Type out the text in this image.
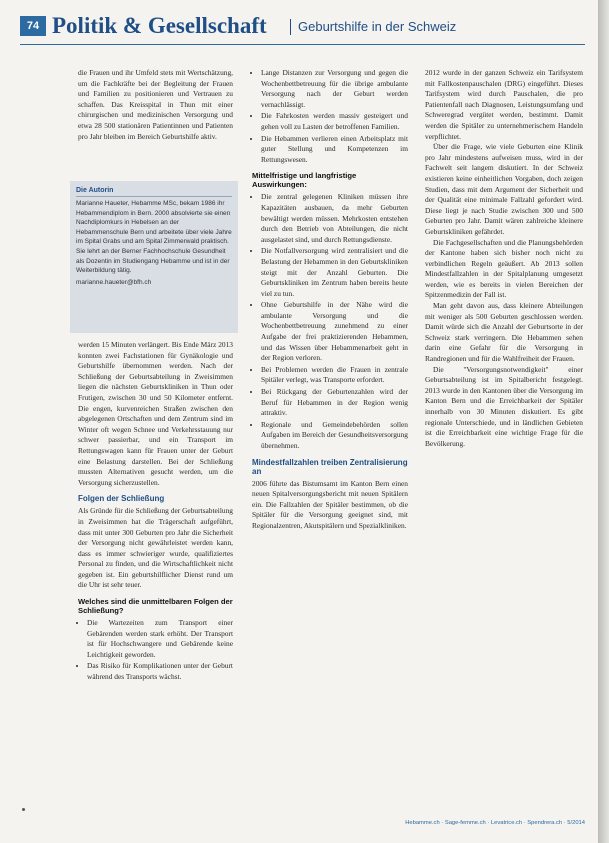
74 Politik & Gesellschaft	Geburtshilfe in der Schweiz

die Frauen und ihr Umfeld stets mit Wertschätzung, um die Fachkräfte bei der Begleitung der Frauen und Familien zu positionieren und Vertrauen zu schaffen. Das Kreisspital in Thun mit einer chirurgischen und medizinischen Versorgung und etwa 28 500 stationären Patientinnen und Patienten pro Jahr bleiben im Bereich Geburtshilfe aktiv.

Die Autorin
Marianne Haueter, Hebamme MSc, bekam 1986 ihr Hebammendiplom in Bern. 2000 absolvierte sie einen Nachdiplomkurs in Hebelsen an der Hebammenschule Bern und arbeitete über viele Jahre im Spital Grabs und am Spital Zimmerwald praktisch. Sie lehrt an der Berner Fachhochschule Gesundheit als Dozentin im Studiengang Hebamme und ist in der Weiterbildung tätig.
marianne.haueter@bfh.ch

werden 15 Minuten verlängert. Bis Ende März 2013 konnten zwei Fachstationen für Gynäkologie und Geburtshilfe übernommen werden. Nach der Schließung der Geburtsabteilung in Zweisimmen liegen die nächsten Geburtskliniken in Thun oder Frutigen, zwischen 30 und 50 Kilometer entfernt. Die engen, kurvenreichen Straßen zwischen den abgelegenen Ortschaften und dem Zentrum sind im Winter oft wegen Schnee und Verkehrsstauung nur schwer passierbar, und ein Transport im Rettungswagen kann für Frauen unter der Geburt eine Belastung darstellen. Bei der Schließung mussten Alternativen gesucht werden, um die Versorgung sicherzustellen.

Folgen der Schließung

Als Gründe für die Schließung der Geburtsabteilung in Zweisimmen hat die Trägerschaft aufgeführt, dass mit unter 300 Geburten pro Jahr die Sicherheit der Versorgung nicht gewährleistet werden kann, dass es immer schwieriger wurde, qualifiziertes Personal zu finden, und die Wirtschaftlichkeit nicht gegeben ist. Ein geburtshilflicher Dienst rund um die Uhr ist sehr teuer.

Welches sind die unmittelbaren Folgen der Schließung?
• Die Wartezeiten zum Transport einer Gebärenden werden stark erhöht. Der Transport ist für Hochschwangere und Gebärende keine Leichtigkeit geworden.
• Das Risiko für Komplikationen unter der Geburt während des Transports wächst.
• Lange Distanzen zur Versorgung und gegen die Wochenbettbetreuung für die übrige ambulante Versorgung nach der Geburt werden vernachlässigt.
• Die Fahrkosten werden massiv gesteigert und gehen voll zu Lasten der betroffenen Familien.
• Die Hebammen verlieren einen Arbeitsplatz mit guter Stellung und Kompetenzen im Rettungswesen.
Mittelfristige und langfristige Auswirkungen:
• Die zentral gelegenen Kliniken müssen ihre Kapazitäten ausbauen, da mehr Geburten bewältigt werden müssen. Mehrkosten entstehen durch den Betrieb von Abteilungen, die nicht ausgelastet sind, und durch Rettungsdienste.
• Die Notfallversorgung wird zentralisiert und die Belastung der Hebammen in den Geburtskliniken steigt mit der Anzahl Geburten. Die Geburtskliniken im Zentrum haben bereits heute viel zu tun.
• Ohne Geburtshilfe in der Nähe wird die ambulante Versorgung und die Wochenbettbetreuung zunehmend zu einer Aufgabe der frei praktizierenden Hebammen, und das Wissen über Hebammenarbeit geht in der Region verloren.
• Bei Problemen werden die Frauen in zentrale Spitäler verlegt, was Transporte erfordert.
• Bei Rückgang der Geburtenzahlen wird der Beruf für Hebammen in der Region wenig attraktiv.
• Regionale und Gemeindebehörden sollen Aufgaben im Bereich der Gesundheitsversorgung übernehmen.
Mindestfallzahlen treiben Zentralisierung an

2006 führte das Bistumsamt im Kanton Bern einen neuen Spitalversorgungsbericht mit neuen Spitälern ein. Die Fallzahlen der Spitäler bestimmen, ob die Spitäler für die Versorgung geeignet sind, mit Regionalzentren, Akutspitälern und Spezialkliniken.

2012 wurde in der ganzen Schweiz ein Tarifsystem mit Fallkostenpauschalen (DRG) eingeführt. Dieses Tarifsystem wird durch Pauschalen, die pro Patientenfall nach Diagnosen, Leistungsumfang und Schweregrad vergütet werden, bestimmt. Damit werden die Spitäler zu unternehmerischem Handeln verpflichtet.

Über die Frage, wie viele Geburten eine Klinik pro Jahr mindestens aufweisen muss, wird in der Fachwelt seit langem diskutiert. In der Schweiz existieren keine einheitlichen Vorgaben, doch zeigen Studien, dass mit dem Argument der Sicherheit und der Qualität eine minimale Fallzahl gefordert wird. Diese liegt je nach Studie zwischen 300 und 500 Geburten pro Jahr. Damit wären zahlreiche kleinere Geburtskliniken gefährdet.

Die Fachgesellschaften und die Planungsbehörden der Kantone haben sich bisher noch nicht zu verbindlichen Regeln geäußert. Ab 2013 sollen Mindestfallzahlen in der Spitalplanung umgesetzt werden, wie es bereits in vielen Bereichen der Spitzenmedizin der Fall ist.

Man geht davon aus, dass kleinere Abteilungen mit weniger als 500 Geburten geschlossen werden. Damit würde sich die Anzahl der Geburtsorte in der Schweiz stark verringern. Die Hebammen sehen darin eine Gefahr für die Versorgung in Randregionen und für die Wahlfreiheit der Frauen.

Die "Versorgungsnotwendigkeit" einer Geburtsabteilung ist im Spitalbericht festgelegt. 2013 wurde in den Kantonen über die Versorgung im Kanton Bern und die Erreichbarkeit der Spitäler innerhalb von 30 Minuten diskutiert. Es gibt regionale Unterschiede, und in ländlichen Gebieten ist die Erreichbarkeit eine wichtige Frage für die Bevölkerung.

Hebamme.ch · Sage-femme.ch · Levatrice.ch · Spendrera.ch · 5/2014
